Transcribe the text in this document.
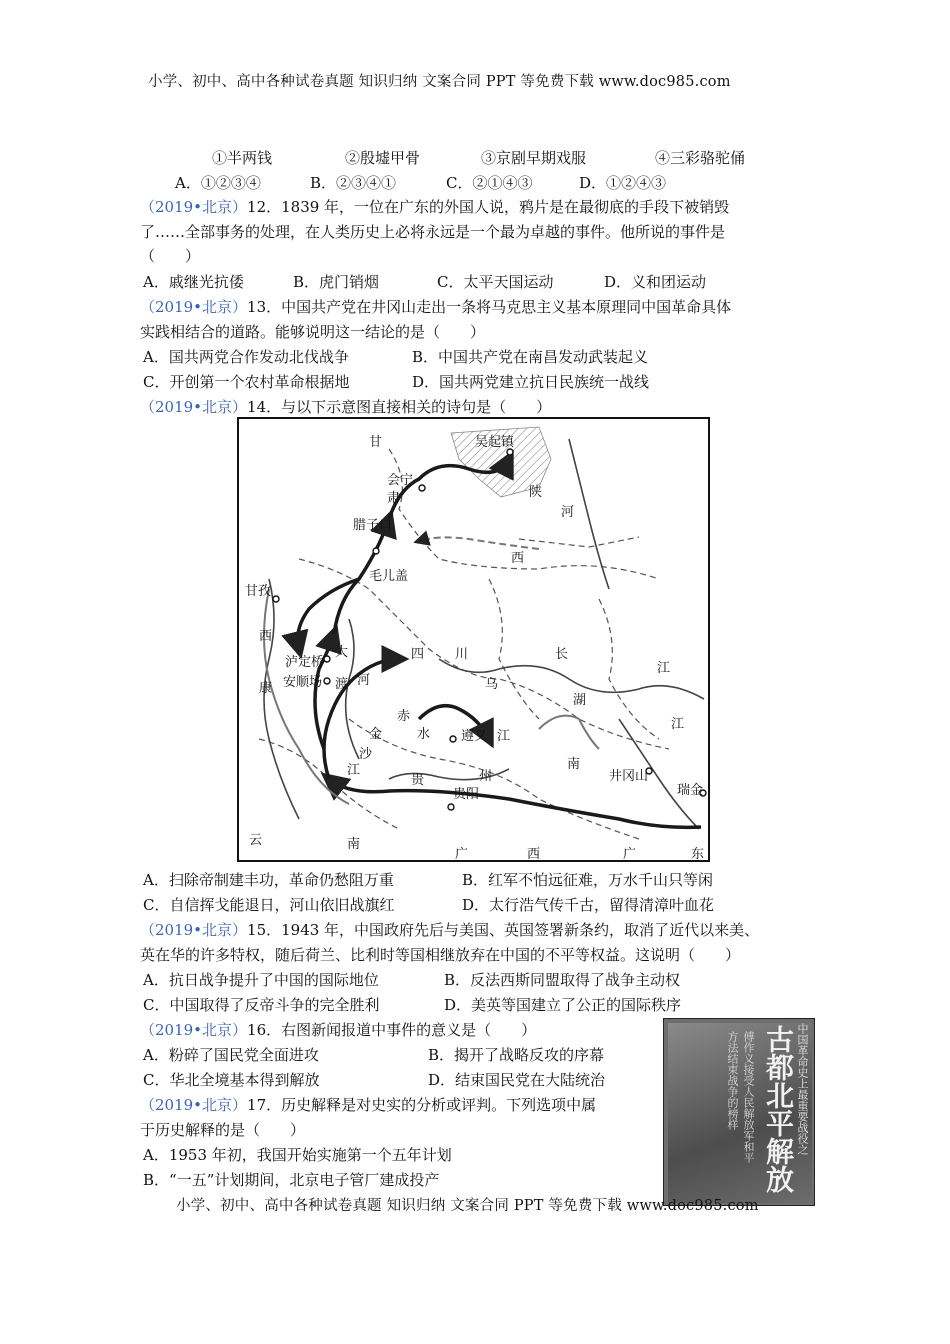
小学、初中、高中各种试卷真题 知识归纳 文案合同 PPT 等免费下载 www.doc985.com
①半两钱	②殷墟甲骨	③京剧早期戏服	④三彩骆驼俑
A．①②③④	B．②③④①	C．②①④③	D．①②④③
（2019•北京）12．1839 年，一位在广东的外国人说，鸦片是在最彻底的手段下被销毁
了……全部事务的处理，在人类历史上必将永远是一个最为卓越的事件。他所说的事件是
（　　）
A．戚继光抗倭	B．虎门销烟	C．太平天国运动	D．义和团运动
（2019•北京）13．中国共产党在井冈山走出一条将马克思主义基本原理同中国革命具体
实践相结合的道路。能够说明这一结论的是（　　）
A．国共两党合作发动北伐战争	B．中国共产党在南昌发动武装起义
C．开创第一个农村革命根据地	D．国共两党建立抗日民族统一战线
（2019•北京）14．与以下示意图直接相关的诗句是（　　）
甘	吴起镇
会宁
肃	陕
河
腊子口
西
毛儿盖
甘孜
西
大
泸定桥
安顺场
康	渡 河
四 川	长
江
乌
湖
江
赤
水 遵义 江
金
沙
江
贵	州
贵阳
南
井冈山
瑞金
云	南
广	西	广	东
A．扫除帝制建丰功，革命仍愁阻万重	B．红军不怕远征难，万水千山只等闲
C．自信挥戈能退日，河山依旧战旗红	D．太行浩气传千古，留得清漳叶血花
（2019•北京）15．1943 年，中国政府先后与美国、英国签署新条约，取消了近代以来美、
英在华的许多特权，随后荷兰、比利时等国相继放弃在中国的不平等权益。这说明（　　）
A．抗日战争提升了中国的国际地位	B．反法西斯同盟取得了战争主动权
C．中国取得了反帝斗争的完全胜利	D．美英等国建立了公正的国际秩序
（2019•北京）16．右图新闻报道中事件的意义是（　　）
A．粉碎了国民党全面进攻	B．揭开了战略反攻的序幕
C．华北全境基本得到解放	D．结束国民党在大陆统治	中国革命史上最重要战役之
古都北平解放
傅作义接受人民解放军和平
方法结束战争的榜样
（2019•北京）17．历史解释是对史实的分析或评判。下列选项中属
于历史解释的是（　　）
A．1953 年初，我国开始实施第一个五年计划
B．“一五”计划期间，北京电子管厂建成投产
小学、初中、高中各种试卷真题 知识归纳 文案合同 PPT 等免费下载 www.doc985.com
